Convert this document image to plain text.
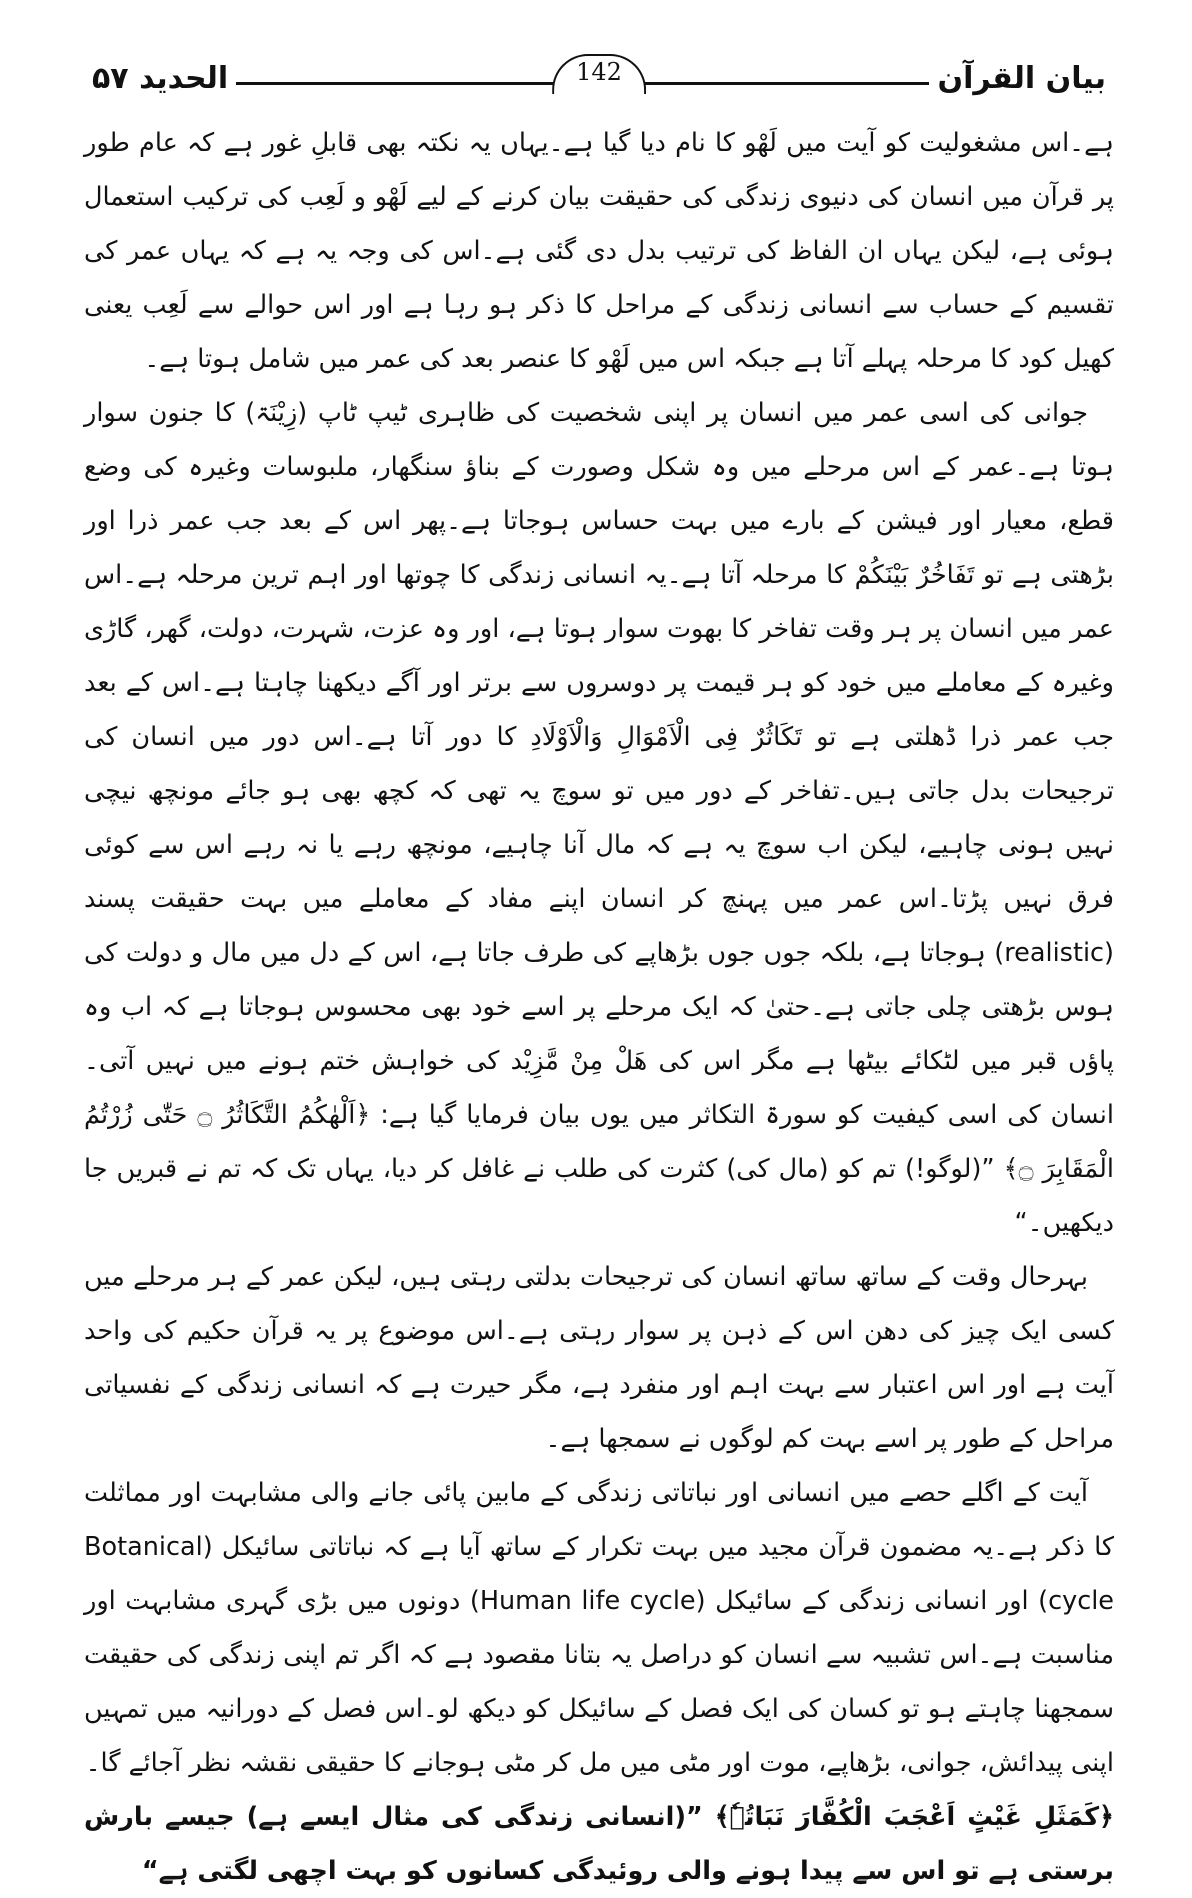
الحدید ۵۷	142	بیان القرآن

ہے۔اس مشغولیت کو آیت میں لَھْو کا نام دیا گیا ہے۔یہاں یہ نکتہ بھی قابلِ غور ہے کہ عام طور پر قرآن میں انسان کی دنیوی زندگی کی حقیقت بیان کرنے کے لیے لَھْو و لَعِب کی ترکیب استعمال ہوئی ہے، لیکن یہاں ان الفاظ کی ترتیب بدل دی گئی ہے۔اس کی وجہ یہ ہے کہ یہاں عمر کی تقسیم کے حساب سے انسانی زندگی کے مراحل کا ذکر ہو رہا ہے اور اس حوالے سے لَعِب یعنی کھیل کود کا مرحلہ پہلے آتا ہے جبکہ اس میں لَھْو کا عنصر بعد کی عمر میں شامل ہوتا ہے۔

جوانی کی اسی عمر میں انسان پر اپنی شخصیت کی ظاہری ٹیپ ٹاپ (زِیْنَۃ) کا جنون سوار ہوتا ہے۔عمر کے اس مرحلے میں وہ شکل وصورت کے بناؤ سنگھار، ملبوسات وغیرہ کی وضع قطع، معیار اور فیشن کے بارے میں بہت حساس ہوجاتا ہے۔پھر اس کے بعد جب عمر ذرا اور بڑھتی ہے تو تَفَاخُرٌ بَیْنَکُمْ کا مرحلہ آتا ہے۔یہ انسانی زندگی کا چوتھا اور اہم ترین مرحلہ ہے۔اس عمر میں انسان پر ہر وقت تفاخر کا بھوت سوار ہوتا ہے، اور وہ عزت، شہرت، دولت، گھر، گاڑی وغیرہ کے معاملے میں خود کو ہر قیمت پر دوسروں سے برتر اور آگے دیکھنا چاہتا ہے۔اس کے بعد جب عمر ذرا ڈھلتی ہے تو تَکَاثُرٌ فِی الْاَمْوَالِ وَالْاَوْلَادِ کا دور آتا ہے۔اس دور میں انسان کی ترجیحات بدل جاتی ہیں۔تفاخر کے دور میں تو سوچ یہ تھی کہ کچھ بھی ہو جائے مونچھ نیچی نہیں ہونی چاہیے، لیکن اب سوچ یہ ہے کہ مال آنا چاہیے، مونچھ رہے یا نہ رہے اس سے کوئی فرق نہیں پڑتا۔اس عمر میں پہنچ کر انسان اپنے مفاد کے معاملے میں بہت حقیقت پسند (realistic) ہوجاتا ہے، بلکہ جوں جوں بڑھاپے کی طرف جاتا ہے، اس کے دل میں مال و دولت کی ہوس بڑھتی چلی جاتی ہے۔حتیٰ کہ ایک مرحلے پر اسے خود بھی محسوس ہوجاتا ہے کہ اب وہ پاؤں قبر میں لٹکائے بیٹھا ہے مگر اس کی ھَلْ مِنْ مَّزِیْد کی خواہش ختم ہونے میں نہیں آتی۔انسان کی اسی کیفیت کو سورۃ التکاثر میں یوں بیان فرمایا گیا ہے: ﴿اَلْھٰکُمُ التَّکَاثُرُ ۝ حَتّٰی زُرْتُمُ الْمَقَابِرَ ۝﴾ ”(لوگو!) تم کو (مال کی) کثرت کی طلب نے غافل کر دیا، یہاں تک کہ تم نے قبریں جا دیکھیں۔“

بہرحال وقت کے ساتھ ساتھ انسان کی ترجیحات بدلتی رہتی ہیں، لیکن عمر کے ہر مرحلے میں کسی ایک چیز کی دھن اس کے ذہن پر سوار رہتی ہے۔اس موضوع پر یہ قرآن حکیم کی واحد آیت ہے اور اس اعتبار سے بہت اہم اور منفرد ہے، مگر حیرت ہے کہ انسانی زندگی کے نفسیاتی مراحل کے طور پر اسے بہت کم لوگوں نے سمجھا ہے۔

آیت کے اگلے حصے میں انسانی اور نباتاتی زندگی کے مابین پائی جانے والی مشابہت اور مماثلت کا ذکر ہے۔یہ مضمون قرآن مجید میں بہت تکرار کے ساتھ آیا ہے کہ نباتاتی سائیکل (Botanical cycle) اور انسانی زندگی کے سائیکل (Human life cycle) دونوں میں بڑی گہری مشابہت اور مناسبت ہے۔اس تشبیہ سے انسان کو دراصل یہ بتانا مقصود ہے کہ اگر تم اپنی زندگی کی حقیقت سمجھنا چاہتے ہو تو کسان کی ایک فصل کے سائیکل کو دیکھ لو۔اس فصل کے دورانیہ میں تمہیں اپنی پیدائش، جوانی، بڑھاپے، موت اور مٹی میں مل کر مٹی ہوجانے کا حقیقی نقشہ نظر آجائے گا۔

﴿کَمَثَلِ غَیْثٍ اَعْجَبَ الْکُفَّارَ نَبَاتُہٗ﴾ ”(انسانی زندگی کی مثال ایسے ہے) جیسے بارش برستی ہے تو اس سے پیدا ہونے والی روئیدگی کسانوں کو بہت اچھی لگتی ہے“
